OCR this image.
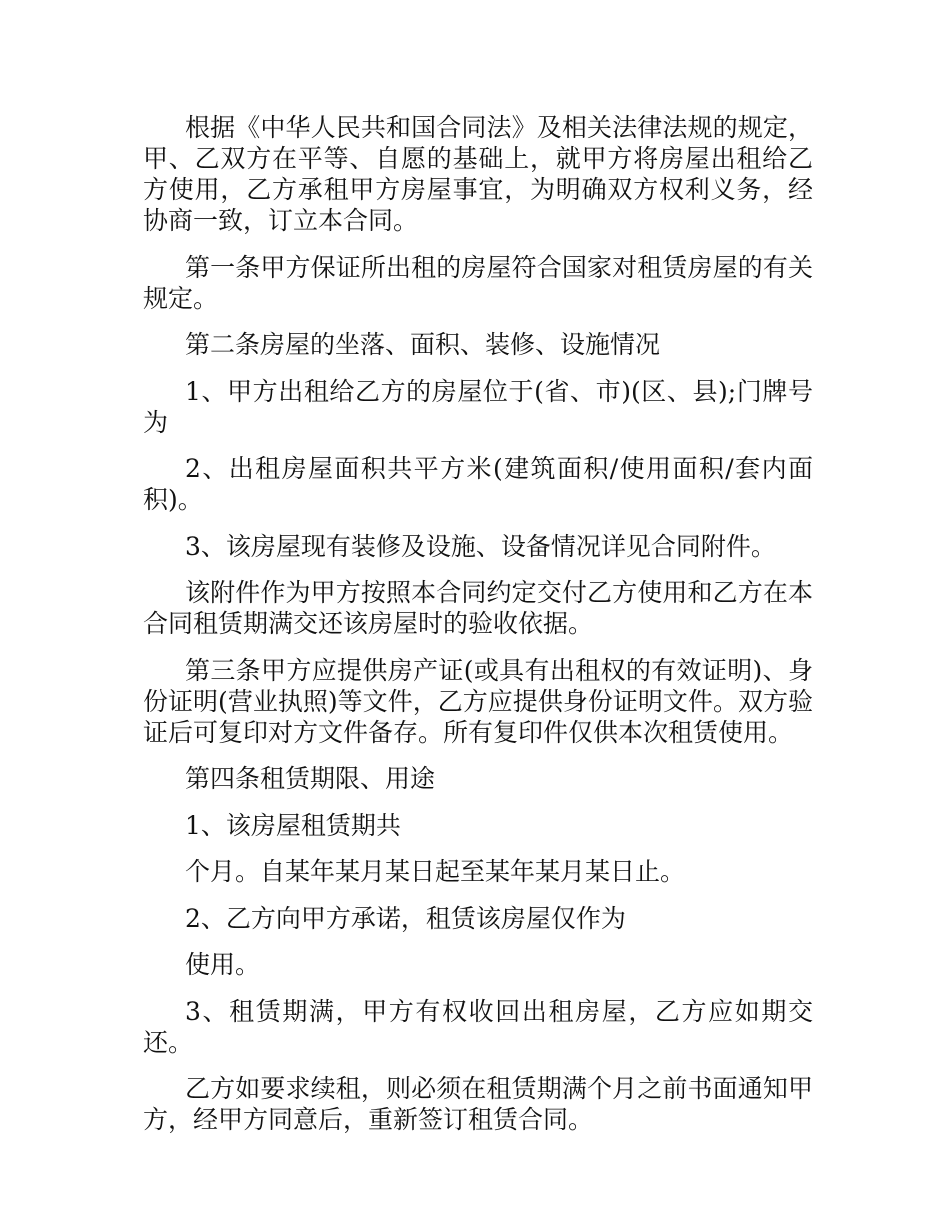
根据《中华人民共和国合同法》及相关法律法规的规定，甲、乙双方在平等、自愿的基础上，就甲方将房屋出租给乙方使用，乙方承租甲方房屋事宜，为明确双方权利义务，经协商一致，订立本合同。

第一条甲方保证所出租的房屋符合国家对租赁房屋的有关规定。

第二条房屋的坐落、面积、装修、设施情况

1、甲方出租给乙方的房屋位于(省、市)(区、县);门牌号为

2、出租房屋面积共平方米(建筑面积/使用面积/套内面积)。

3、该房屋现有装修及设施、设备情况详见合同附件。

该附件作为甲方按照本合同约定交付乙方使用和乙方在本合同租赁期满交还该房屋时的验收依据。

第三条甲方应提供房产证(或具有出租权的有效证明)、身份证明(营业执照)等文件，乙方应提供身份证明文件。双方验证后可复印对方文件备存。所有复印件仅供本次租赁使用。

第四条租赁期限、用途

1、该房屋租赁期共

个月。自某年某月某日起至某年某月某日止。

2、乙方向甲方承诺，租赁该房屋仅作为

使用。

3、租赁期满，甲方有权收回出租房屋，乙方应如期交还。

乙方如要求续租，则必须在租赁期满个月之前书面通知甲方，经甲方同意后，重新签订租赁合同。
